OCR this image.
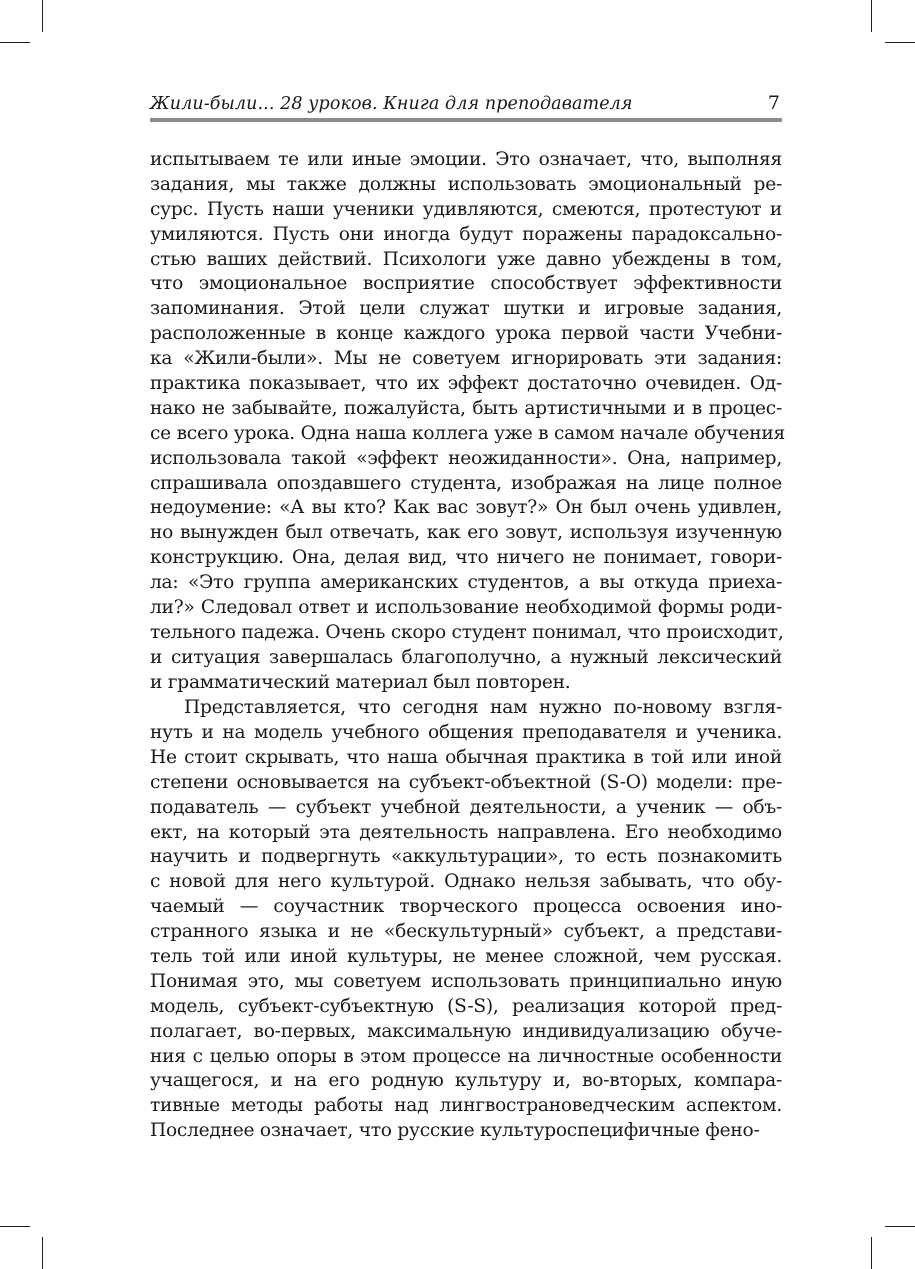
Жили-были... 28 уроков. Книга для преподавателя	7
испытываем те или иные эмоции. Это означает, что, выполняя
задания, мы также должны использовать эмоциональный ре-
сурс. Пусть наши ученики удивляются, смеются, протестуют и
умиляются. Пусть они иногда будут поражены парадоксально-
стью ваших действий. Психологи уже давно убеждены в том,
что эмоциональное восприятие способствует эффективности
запоминания. Этой цели служат шутки и игровые задания,
расположенные в конце каждого урока первой части Учебни-
ка «Жили-были». Мы не советуем игнорировать эти задания:
практика показывает, что их эффект достаточно очевиден. Од-
нако не забывайте, пожалуйста, быть артистичными и в процес-
се всего урока. Одна наша коллега уже в самом начале обучения
использовала такой «эффект неожиданности». Она, например,
спрашивала опоздавшего студента, изображая на лице полное
недоумение: «А вы кто? Как вас зовут?» Он был очень удивлен,
но вынужден был отвечать, как его зовут, используя изученную
конструкцию. Она, делая вид, что ничего не понимает, говори-
ла: «Это группа американских студентов, а вы откуда приеха-
ли?» Следовал ответ и использование необходимой формы роди-
тельного падежа. Очень скоро студент понимал, что происходит,
и ситуация завершалась благополучно, а нужный лексический
и грамматический материал был повторен.
Представляется, что сегодня нам нужно по-новому взгля-
нуть и на модель учебного общения преподавателя и ученика.
Не стоит скрывать, что наша обычная практика в той или иной
степени основывается на субъект-объектной (S-O) модели: пре-
подаватель — субъект учебной деятельности, а ученик — объ-
ект, на который эта деятельность направлена. Его необходимо
научить и подвергнуть «аккультурации», то есть познакомить
с новой для него культурой. Однако нельзя забывать, что обу-
чаемый — соучастник творческого процесса освоения ино-
странного языка и не «бескультурный» субъект, а представи-
тель той или иной культуры, не менее сложной, чем русская.
Понимая это, мы советуем использовать принципиально иную
модель, субъект-субъектную (S-S), реализация которой пред-
полагает, во-первых, максимальную индивидуализацию обуче-
ния с целью опоры в этом процессе на личностные особенности
учащегося, и на его родную культуру и, во-вторых, компара-
тивные методы работы над лингвострановедческим аспектом.
Последнее означает, что русские культуроспецифичные фено-
